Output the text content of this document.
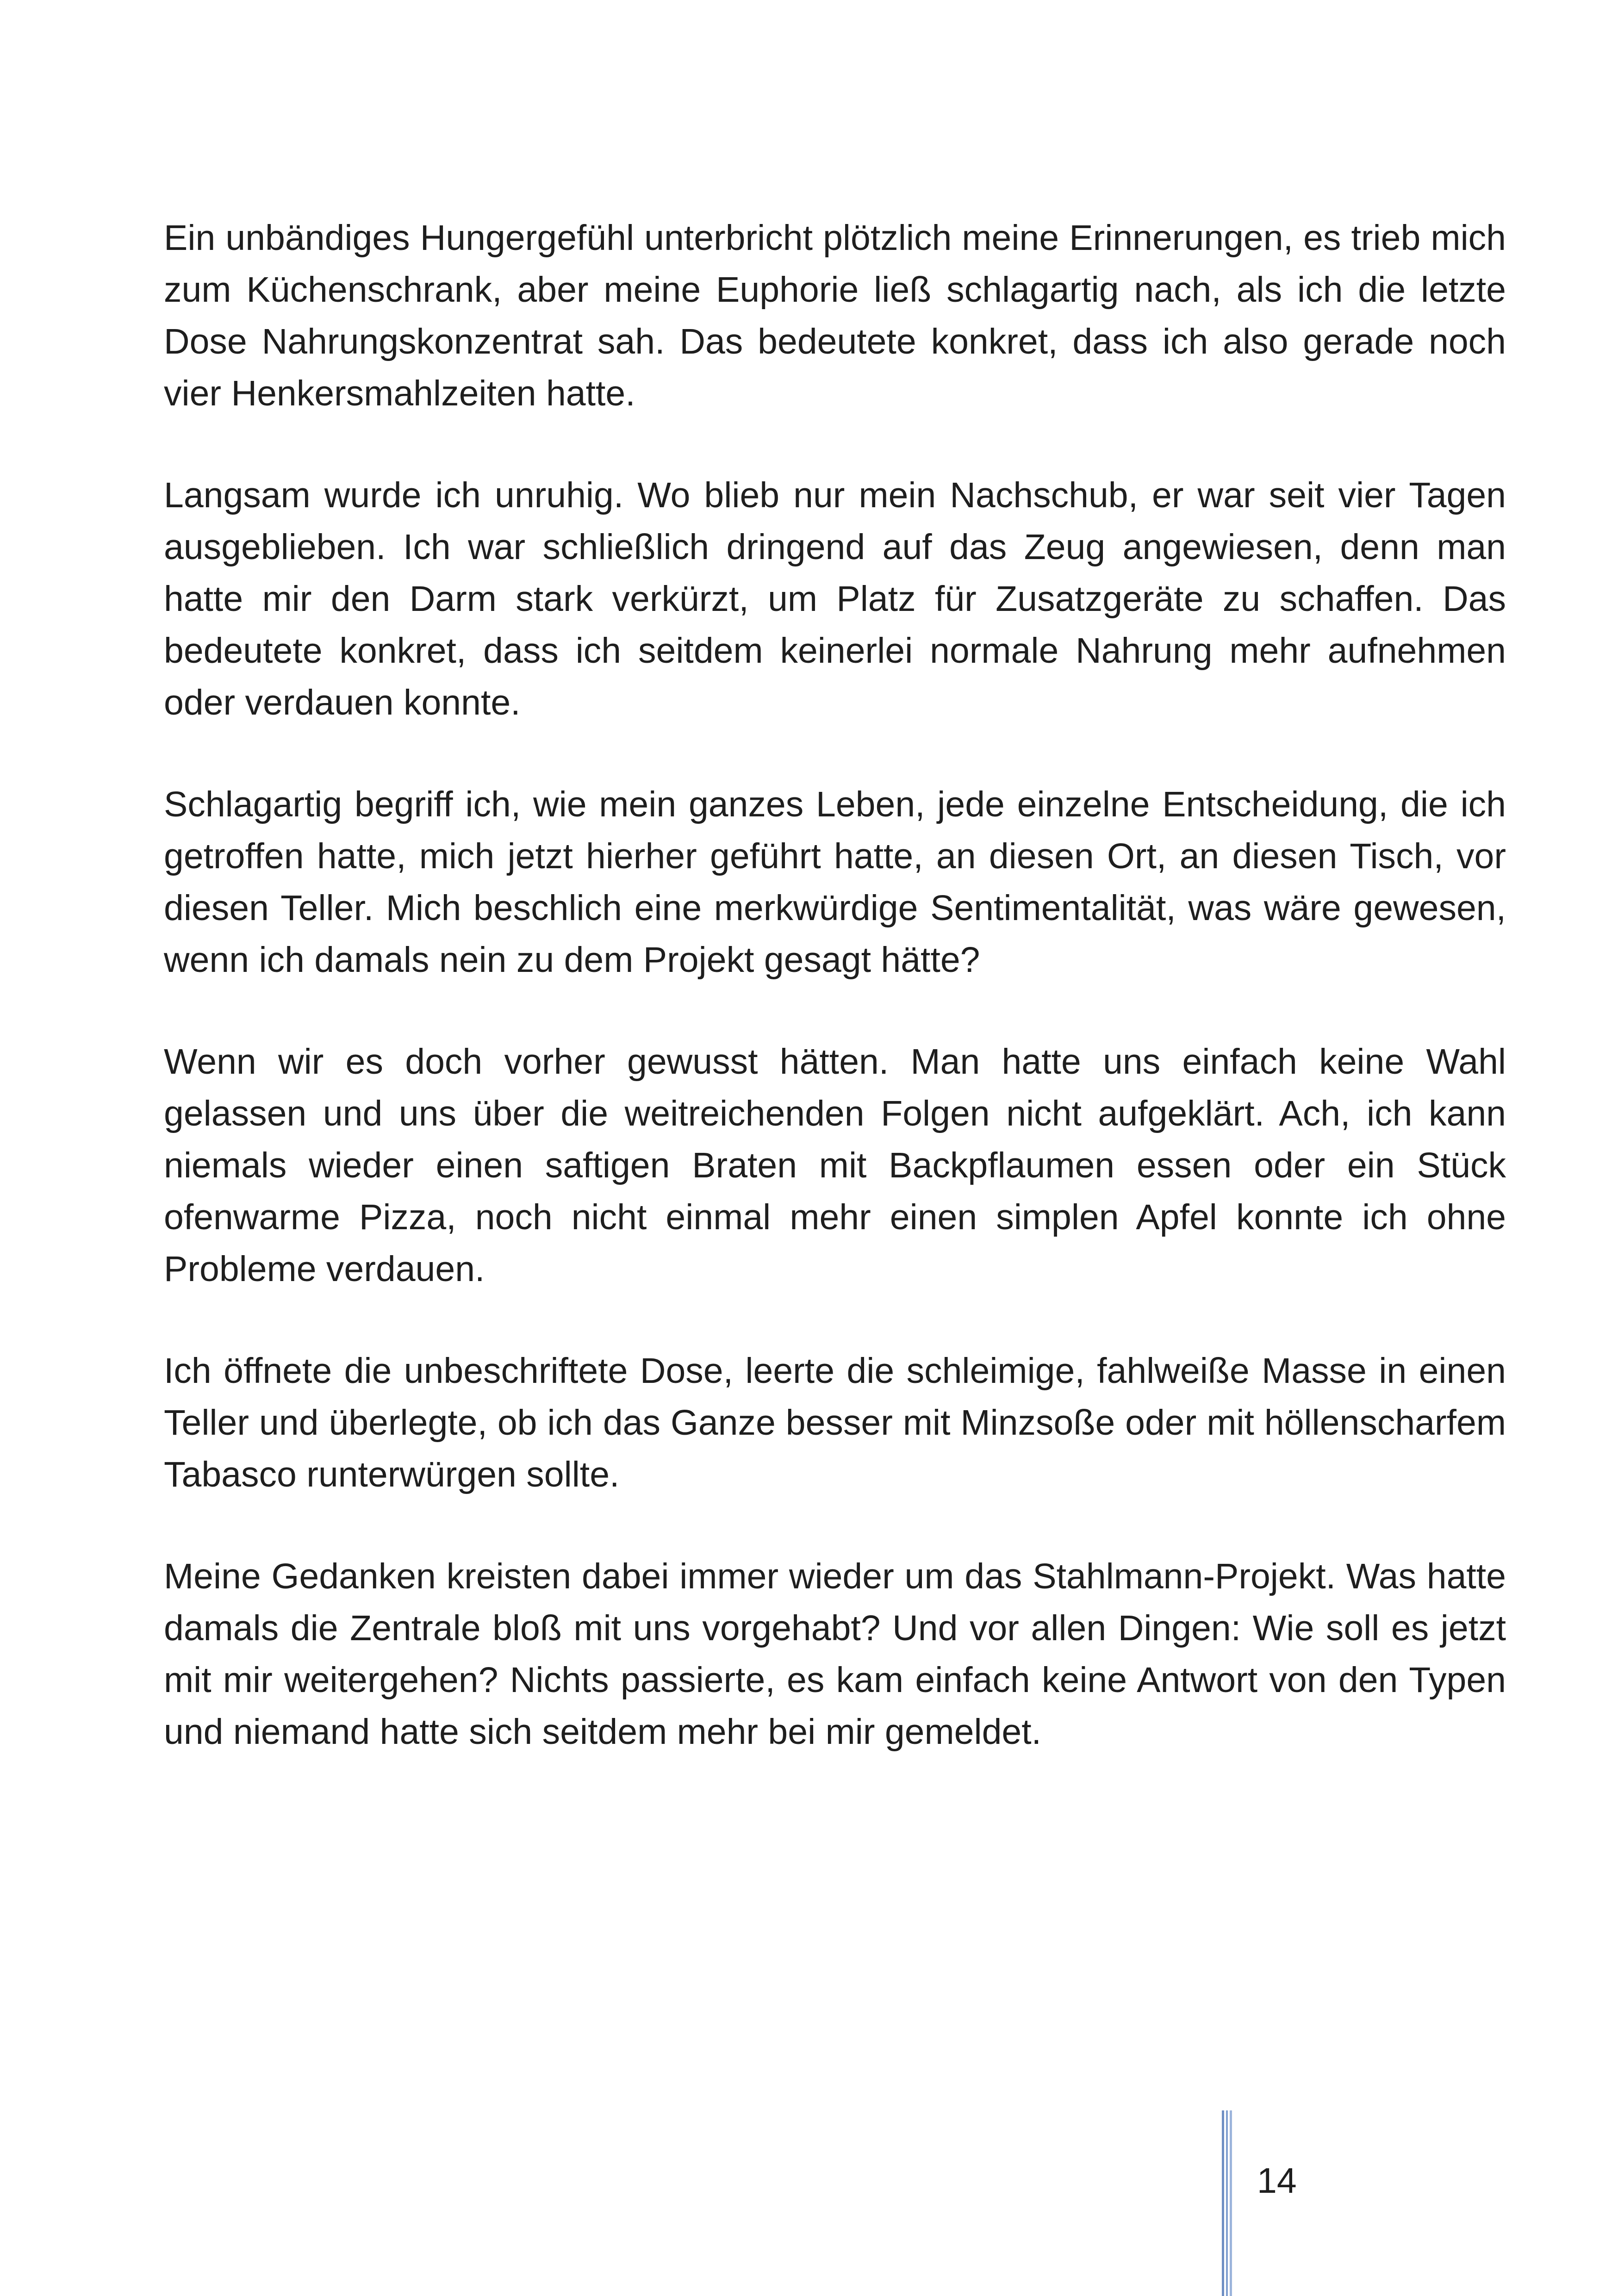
Ein unbändiges Hungergefühl unterbricht plötzlich meine Erinnerungen, es trieb mich zum Küchenschrank, aber meine Euphorie ließ schlagartig nach, als ich die letzte Dose Nahrungskonzentrat sah. Das bedeutete konkret, dass ich also gerade noch vier Henkersmahlzeiten hatte.

Langsam wurde ich unruhig. Wo blieb nur mein Nachschub, er war seit vier Tagen ausgeblieben. Ich war schließlich dringend auf das Zeug angewiesen, denn man hatte mir den Darm stark verkürzt, um Platz für Zusatzgeräte zu schaffen. Das bedeutete konkret, dass ich seitdem keinerlei normale Nahrung mehr aufnehmen oder verdauen konnte.

Schlagartig begriff ich, wie mein ganzes Leben, jede einzelne Entscheidung, die ich getroffen hatte, mich jetzt hierher geführt hatte, an diesen Ort, an diesen Tisch, vor diesen Teller. Mich beschlich eine merkwürdige Sentimentalität, was wäre gewesen, wenn ich damals nein zu dem Projekt gesagt hätte?

Wenn wir es doch vorher gewusst hätten. Man hatte uns einfach keine Wahl gelassen und uns über die weitreichenden Folgen nicht aufgeklärt. Ach, ich kann niemals wieder einen saftigen Braten mit Backpflaumen essen oder ein Stück ofenwarme Pizza, noch nicht einmal mehr einen simplen Apfel konnte ich ohne Probleme verdauen.

Ich öffnete die unbeschriftete Dose, leerte die schleimige, fahlweiße Masse in einen Teller und überlegte, ob ich das Ganze besser mit Minzsoße oder mit höllenscharfem Tabasco runterwürgen sollte.

Meine Gedanken kreisten dabei immer wieder um das Stahlmann-Projekt. Was hatte damals die Zentrale bloß mit uns vorgehabt? Und vor allen Dingen: Wie soll es jetzt mit mir weitergehen? Nichts passierte, es kam einfach keine Antwort von den Typen und niemand hatte sich seitdem mehr bei mir gemeldet.

14
